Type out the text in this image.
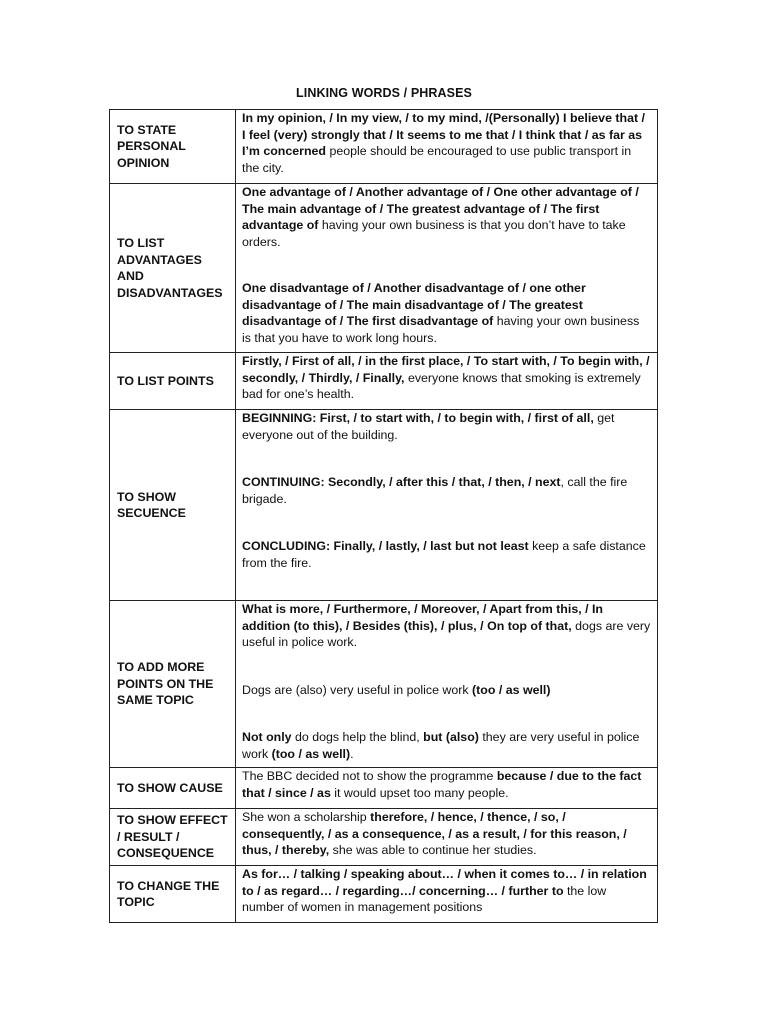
LINKING WORDS / PHRASES
TO STATE PERSONAL OPINION	In my opinion, / In my view, / to my mind, /(Personally) I believe that / I feel (very) strongly that / It seems to me that / I think that / as far as I’m concerned people should be encouraged to use public transport in the city.

TO LIST ADVANTAGES AND DISADVANTAGES	One advantage of / Another advantage of / One other advantage of / The main advantage of / The greatest advantage of / The first advantage of having your own business is that you don’t have to take orders.
One disadvantage of / Another disadvantage of / one other disadvantage of / The main disadvantage of / The greatest disadvantage of / The first disadvantage of having your own business is that you have to work long hours.

TO LIST POINTS	Firstly, / First of all, / in the first place, / To start with, / To begin with, / secondly, / Thirdly, / Finally, everyone knows that smoking is extremely bad for one’s health.

TO SHOW SECUENCE	BEGINNING: First, / to start with, / to begin with, / first of all, get everyone out of the building.
CONTINUING: Secondly, / after this / that, / then, / next, call the fire brigade.
CONCLUDING: Finally, / lastly, / last but not least keep a safe distance from the fire.

TO ADD MORE POINTS ON THE SAME TOPIC	What is more, / Furthermore, / Moreover, / Apart from this, / In addition (to this), / Besides (this), / plus, / On top of that, dogs are very useful in police work.
Dogs are (also) very useful in police work (too / as well)
Not only do dogs help the blind, but (also) they are very useful in police work (too / as well).

TO SHOW CAUSE	The BBC decided not to show the programme because / due to the fact that / since / as it would upset too many people.

TO SHOW EFFECT / RESULT / CONSEQUENCE	She won a scholarship therefore, / hence, / thence, / so, / consequently, / as a consequence, / as a result, / for this reason, / thus, / thereby, she was able to continue her studies.

TO CHANGE THE TOPIC	As for… / talking / speaking about… / when it comes to… / in relation to / as regard… / regarding…/ concerning… / further to the low number of women in management positions
